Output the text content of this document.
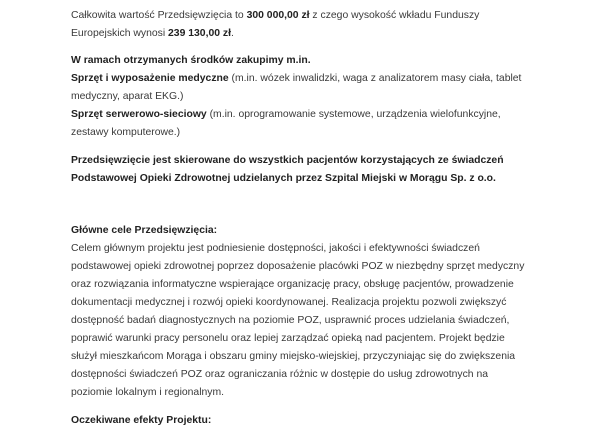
Całkowita wartość Przedsięwzięcia to 300 000,00 zł z czego wysokość wkładu Funduszy Europejskich wynosi 239 130,00 zł.

W ramach otrzymanych środków zakupimy m.in.

Sprzęt i wyposażenie medyczne (m.in. wózek inwalidzki, waga z analizatorem masy ciała, tablet medyczny, aparat EKG.)

Sprzęt serwerowo-sieciowy (m.in. oprogramowanie systemowe, urządzenia wielofunkcyjne, zestawy komputerowe.)

Przedsięwzięcie jest skierowane do wszystkich pacjentów korzystających ze świadczeń Podstawowej Opieki Zdrowotnej udzielanych przez Szpital Miejski w Morągu Sp. z o.o.

Główne cele Przedsięwzięcia:

Celem głównym projektu jest podniesienie dostępności, jakości i efektywności świadczeń podstawowej opieki zdrowotnej poprzez doposażenie placówki POZ w niezbędny sprzęt medyczny oraz rozwiązania informatyczne wspierające organizację pracy, obsługę pacjentów, prowadzenie dokumentacji medycznej i rozwój opieki koordynowanej. Realizacja projektu pozwoli zwiększyć dostępność badań diagnostycznych na poziomie POZ, usprawnić proces udzielania świadczeń, poprawić warunki pracy personelu oraz lepiej zarządzać opieką nad pacjentem. Projekt będzie służył mieszkańcom Morąga i obszaru gminy miejsko-wiejskiej, przyczyniając się do zwiększenia dostępności świadczeń POZ oraz ograniczania różnic w dostępie do usług zdrowotnych na poziomie lokalnym i regionalnym.

Oczekiwane efekty Projektu:
